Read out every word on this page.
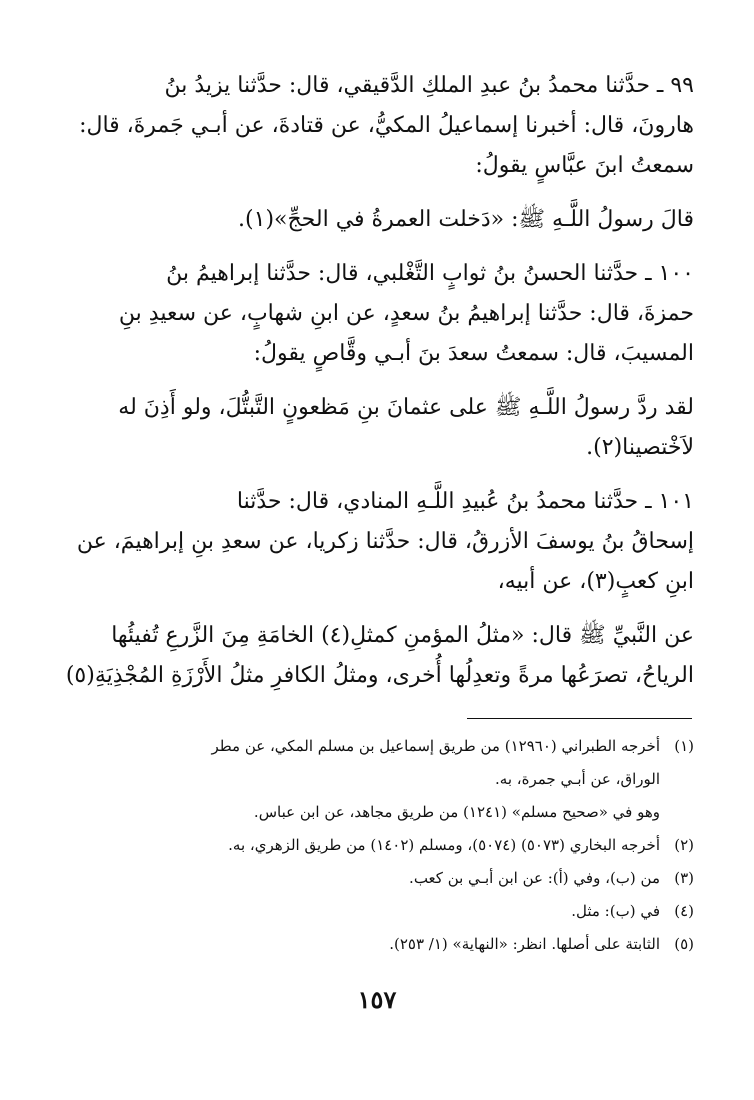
٩٩ ـ حدَّثنا محمدُ بنُ عبدِ الملكِ الدَّقيقي، قال: حدَّثنا يزيدُ بنُ
هارونَ، قال: أخبرنا إسماعيلُ المكيُّ، عن قتادةَ، عن أبـي جَمرةَ، قال:
سمعتُ ابنَ عبَّاسٍ يقولُ:

قالَ رسولُ اللَّـهِ ﷺ: «دَخلت العمرةُ في الحجِّ»(١).

١٠٠ ـ حدَّثنا الحسنُ بنُ ثوابٍ التَّغْلبي، قال: حدَّثنا إبراهيمُ بنُ
حمزةَ، قال: حدَّثنا إبراهيمُ بنُ سعدٍ، عن ابنِ شهابٍ، عن سعيدِ بنِ
المسيبَ، قال: سمعتُ سعدَ بنَ أبـي وقَّاصٍ يقولُ:

لقد ردَّ رسولُ اللَّـهِ ﷺ على عثمانَ بنِ مَظعونٍ التَّبتُّلَ، ولو أَذِنَ له
لاَخْتصينا(٢).

١٠١ ـ حدَّثنا محمدُ بنُ عُبيدِ اللَّـهِ المنادي، قال: حدَّثنا
إسحاقُ بنُ يوسفَ الأزرقُ، قال: حدَّثنا زكريا، عن سعدِ بنِ إبراهيمَ، عن
ابنِ كعبٍ(٣)، عن أبيه،

عن النَّبيِّ ﷺ قال: «مثلُ المؤمنِ كمثلِ(٤) الخامَةِ مِنَ الزَّرعِ تُفيئُها
الرياحُ، تصرَعُها مرةً وتعدِلُها أُخرى، ومثلُ الكافرِ مثلُ الأَرْزَةِ المُجْذِيَةِ(٥)

(١)
أخرجه الطبراني (١٢٩٦٠) من طريق إسماعيل بن مسلم المكي، عن مطر
الوراق، عن أبـي جمرة، به.
وهو في «صحيح مسلم» (١٢٤١) من طريق مجاهد، عن ابن عباس.
(٢)
أخرجه البخاري (٥٠٧٣) (٥٠٧٤)، ومسلم (١٤٠٢) من طريق الزهري، به.
(٣)
من (ب)، وفي (أ): عن ابن أبـي بن كعب.
(٤)
في (ب): مثل.
(٥)
الثابتة على أصلها. انظر: «النهاية» (١/ ٢٥٣).
١٥٧
